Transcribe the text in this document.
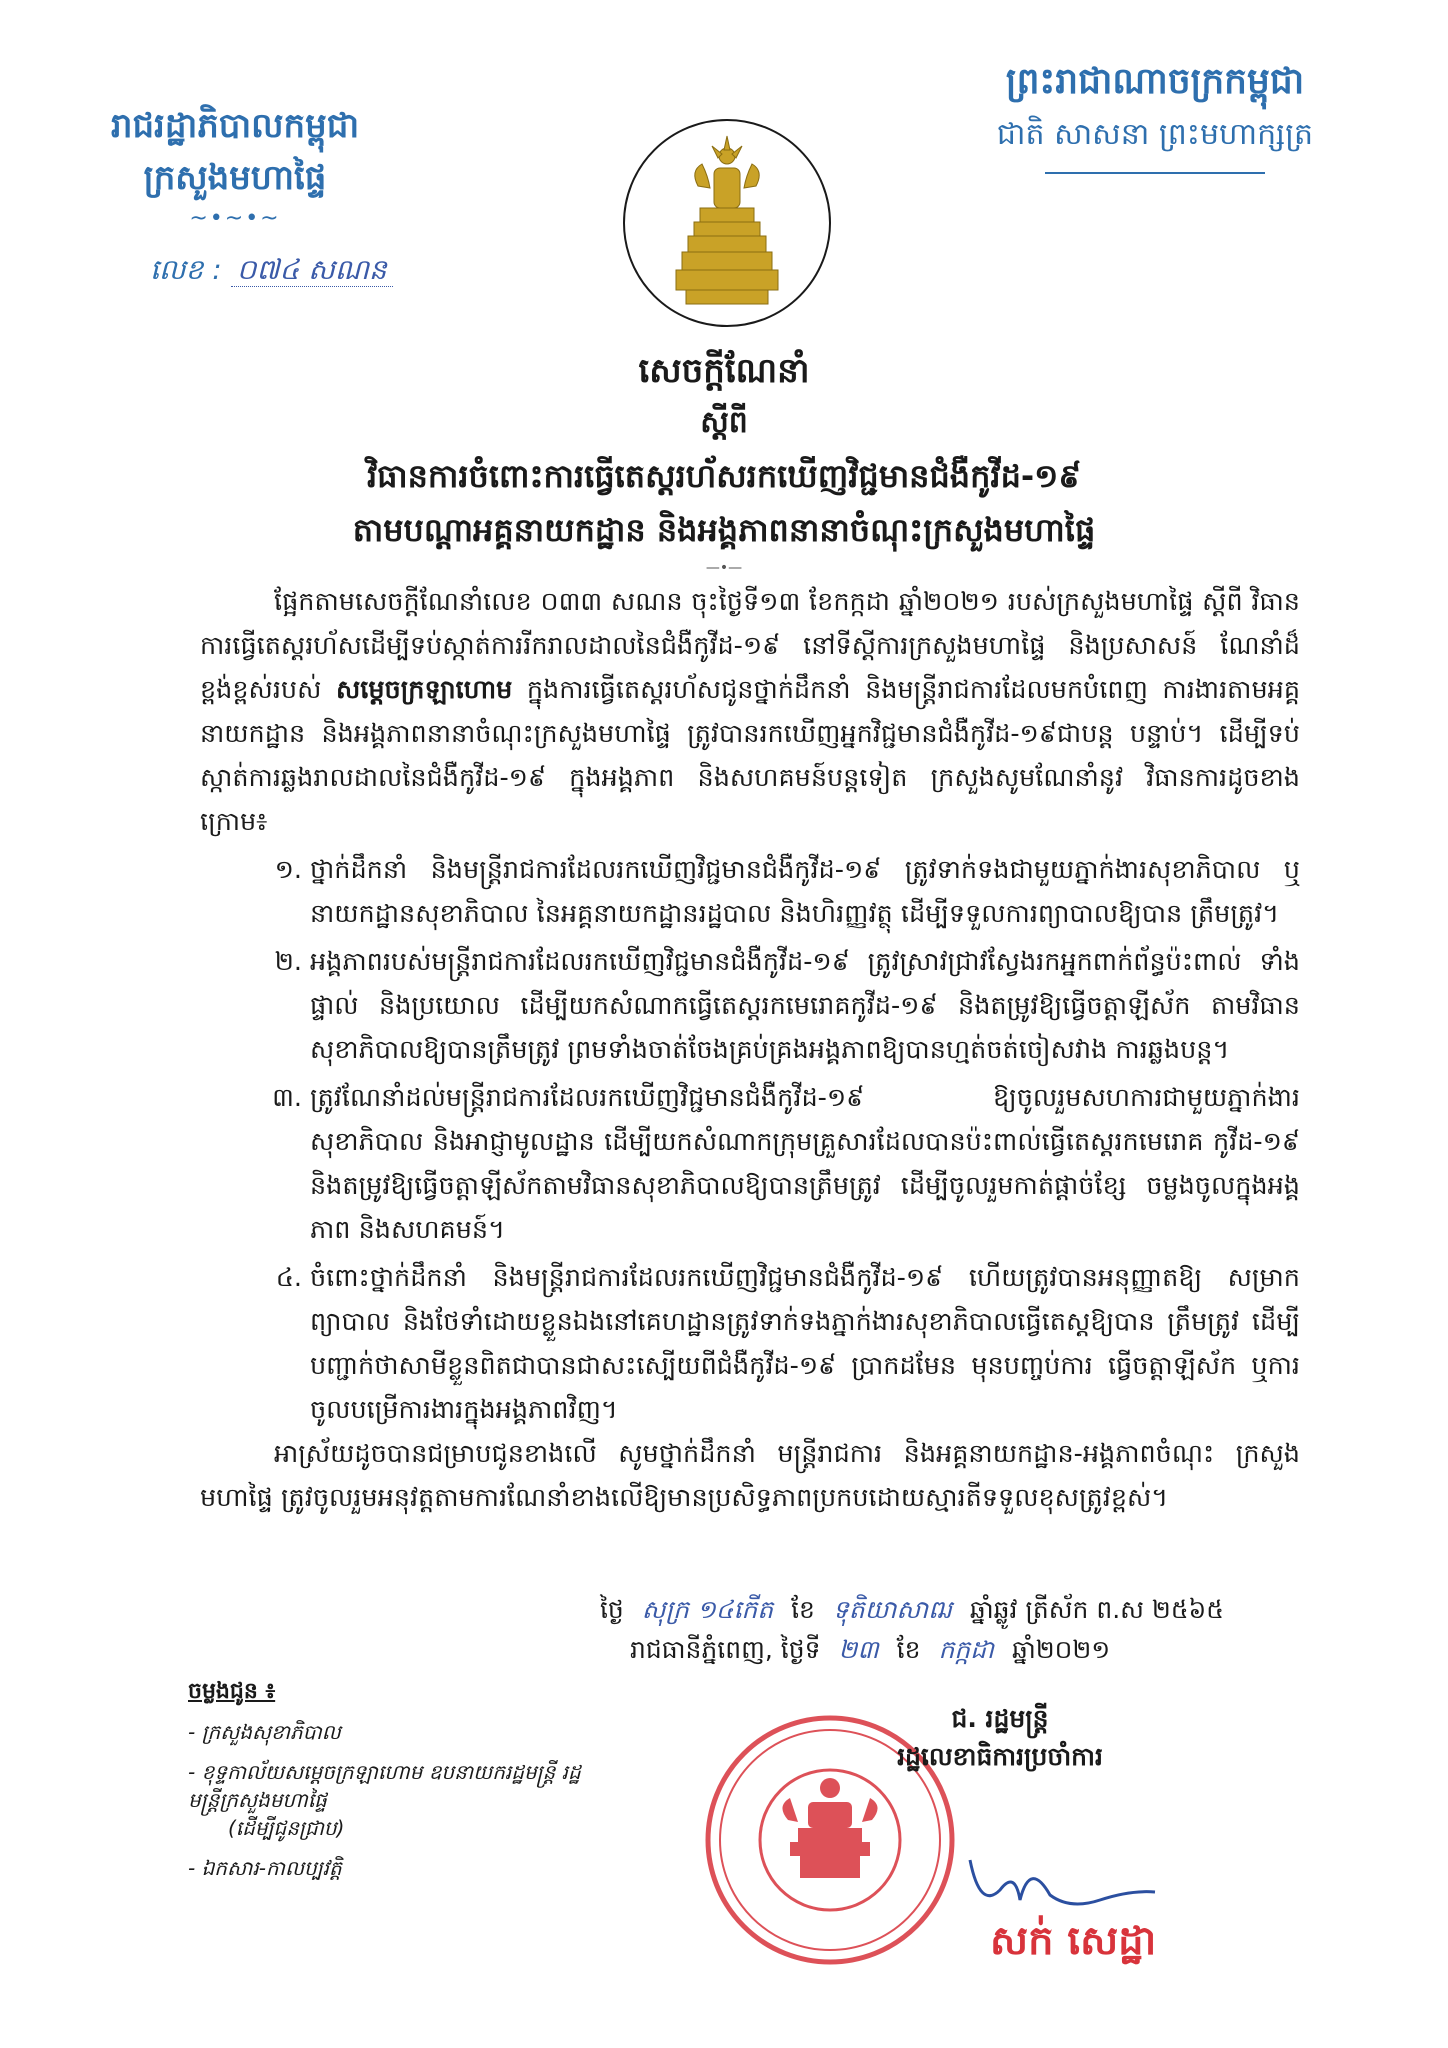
រាជរដ្ឋាភិបាលកម្ពុជា
ក្រសួងមហាផ្ទៃ
~•~•~
លេខ : ០៧៤ សណន
ព្រះរាជាណាចក្រកម្ពុជា
ជាតិ សាសនា ព្រះមហាក្សត្រ
សេចក្តីណែនាំ
ស្តីពី
វិធានការចំពោះការធ្វើតេស្តរហ័សរកឃើញវិជ្ជមានជំងឺកូវីដ-១៩
តាមបណ្តាអគ្គនាយកដ្ឋាន និងអង្គភាពនានាចំណុះក្រសួងមហាផ្ទៃ
—•—

ផ្អែកតាមសេចក្តីណែនាំលេខ ០៣៣ សណន ចុះថ្ងៃទី១៣ ខែកក្កដា ឆ្នាំ២០២១ របស់ក្រសួងមហាផ្ទៃ ស្តីពី វិធានការធ្វើតេស្តរហ័សដើម្បីទប់ស្កាត់ការរីករាលដាលនៃជំងឺកូវីដ-១៩ នៅទីស្តីការក្រសួងមហាផ្ទៃ និងប្រសាសន៍ ណែនាំដ៏ខ្ពង់ខ្ពស់របស់ សម្តេចក្រឡាហោម ក្នុងការធ្វើតេស្តរហ័សជូនថ្នាក់ដឹកនាំ និងមន្ត្រីរាជការដែលមកបំពេញ ការងារតាមអគ្គនាយកដ្ឋាន និងអង្គភាពនានាចំណុះក្រសួងមហាផ្ទៃ ត្រូវបានរកឃើញអ្នកវិជ្ជមានជំងឺកូវីដ-១៩ជាបន្ត បន្ទាប់។ ដើម្បីទប់ស្កាត់ការឆ្លងរាលដាលនៃជំងឺកូវីដ-១៩ ក្នុងអង្គភាព និងសហគមន៍បន្តទៀត ក្រសួងសូមណែនាំនូវ វិធានការដូចខាងក្រោម៖

១. ថ្នាក់ដឹកនាំ និងមន្ត្រីរាជការដែលរកឃើញវិជ្ជមានជំងឺកូវីដ-១៩ ត្រូវទាក់ទងជាមួយភ្នាក់ងារសុខាភិបាល ឬនាយកដ្ឋានសុខាភិបាល នៃអគ្គនាយកដ្ឋានរដ្ឋបាល និងហិរញ្ញវត្ថុ ដើម្បីទទួលការព្យាបាលឱ្យបាន ត្រឹមត្រូវ។
២. អង្គភាពរបស់មន្ត្រីរាជការដែលរកឃើញវិជ្ជមានជំងឺកូវីដ-១៩ ត្រូវស្រាវជ្រាវស្វែងរកអ្នកពាក់ព័ន្ធប៉ះពាល់ ទាំងផ្ទាល់ និងប្រយោល ដើម្បីយកសំណាកធ្វើតេស្តរកមេរោគកូវីដ-១៩ និងតម្រូវឱ្យធ្វើចត្តាឡីស័ក តាមវិធានសុខាភិបាលឱ្យបានត្រឹមត្រូវ ព្រមទាំងចាត់ចែងគ្រប់គ្រងអង្គភាពឱ្យបានហ្មត់ចត់ចៀសវាង ការឆ្លងបន្ត។
៣. ត្រូវណែនាំដល់មន្ត្រីរាជការដែលរកឃើញវិជ្ជមានជំងឺកូវីដ-១៩ ឱ្យចូលរួមសហការជាមួយភ្នាក់ងារ សុខាភិបាល និងអាជ្ញាមូលដ្ឋាន ដើម្បីយកសំណាកក្រុមគ្រួសារដែលបានប៉ះពាល់ធ្វើតេស្តរកមេរោគ កូវីដ-១៩ និងតម្រូវឱ្យធ្វើចត្តាឡីស័កតាមវិធានសុខាភិបាលឱ្យបានត្រឹមត្រូវ ដើម្បីចូលរួមកាត់ផ្តាច់ខ្សែ ចម្លងចូលក្នុងអង្គភាព និងសហគមន៍។
៤. ចំពោះថ្នាក់ដឹកនាំ និងមន្ត្រីរាជការដែលរកឃើញវិជ្ជមានជំងឺកូវីដ-១៩ ហើយត្រូវបានអនុញ្ញាតឱ្យ សម្រាកព្យាបាល និងថែទាំដោយខ្លួនឯងនៅគេហដ្ឋានត្រូវទាក់ទងភ្នាក់ងារសុខាភិបាលធ្វើតេស្តឱ្យបាន ត្រឹមត្រូវ ដើម្បីបញ្ជាក់ថាសាមីខ្លួនពិតជាបានជាសះស្បើយពីជំងឺកូវីដ-១៩ ប្រាកដមែន មុនបញ្ចប់ការ ធ្វើចត្តាឡីស័ក ឬការចូលបម្រើការងារក្នុងអង្គភាពវិញ។

អាស្រ័យដូចបានជម្រាបជូនខាងលើ សូមថ្នាក់ដឹកនាំ មន្ត្រីរាជការ និងអគ្គនាយកដ្ឋាន-អង្គភាពចំណុះ ក្រសួងមហាផ្ទៃ ត្រូវចូលរួមអនុវត្តតាមការណែនាំខាងលើឱ្យមានប្រសិទ្ធភាពប្រកបដោយស្មារតីទទួលខុសត្រូវខ្ពស់។

ថ្ងៃ សុក្រ ១៤កើត ខែ ទុតិយាសាឍ ឆ្នាំឆ្លូវ ត្រីស័ក ព.ស ២៥៦៥
រាជធានីភ្នំពេញ, ថ្ងៃទី ២៣ ខែ កក្កដា ឆ្នាំ២០២១
ចម្លងជូន ៖
- ក្រសួងសុខាភិបាល
- ខុទ្ទកាល័យសម្តេចក្រឡាហោម ឧបនាយករដ្ឋមន្ត្រី រដ្ឋមន្ត្រីក្រសួងមហាផ្ទៃ
(ដើម្បីជូនជ្រាប)
- ឯកសារ-កាលប្បវត្តិ
ជ. រដ្ឋមន្ត្រី
រដ្ឋលេខាធិការប្រចាំការ
សក់ សេដ្ឋា
